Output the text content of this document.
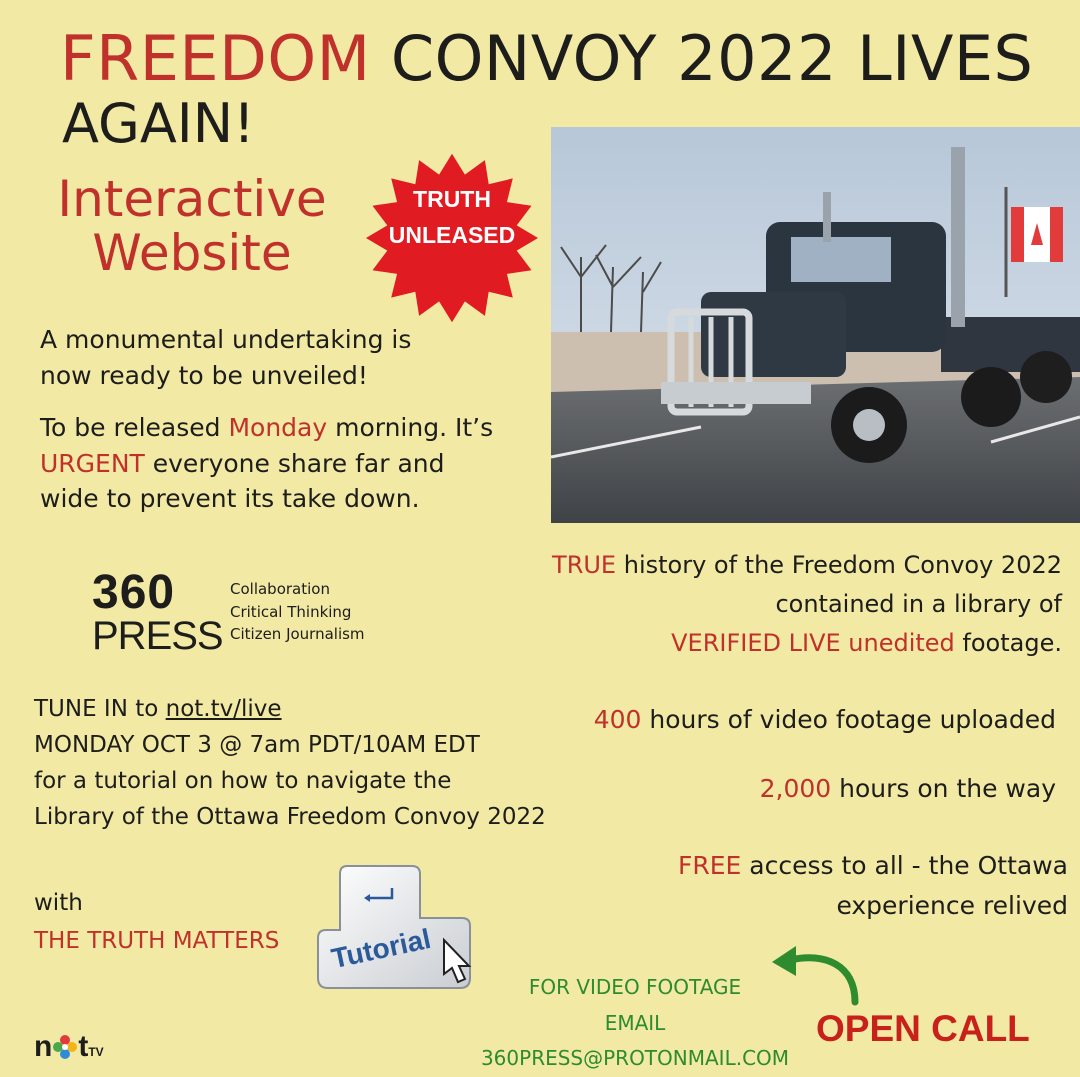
FREEDOM CONVOY 2022 LIVES
AGAIN!
Interactive
Website
TRUTH
UNLEASED
A monumental undertaking is
now ready to be unveiled!
To be released Monday morning. It’s
URGENT everyone share far and
wide to prevent its take down.
360
PRESS
Collaboration
Critical Thinking
Citizen Journalism
TRUE history of the Freedom Convoy 2022
contained in a library of
VERIFIED LIVE unedited footage.
TUNE IN to not.tv/live
MONDAY OCT 3 @ 7am PDT/10AM EDT
for a tutorial on how to navigate the
Library of the Ottawa Freedom Convoy 2022
with
THE TRUTH MATTERS
400 hours of video footage uploaded
2,000 hours on the way
FREE access to all - the Ottawa
experience relived
Tutorial
FOR VIDEO FOOTAGE
EMAIL
360PRESS@PROTONMAIL.COM
OPEN CALL
n tTV
